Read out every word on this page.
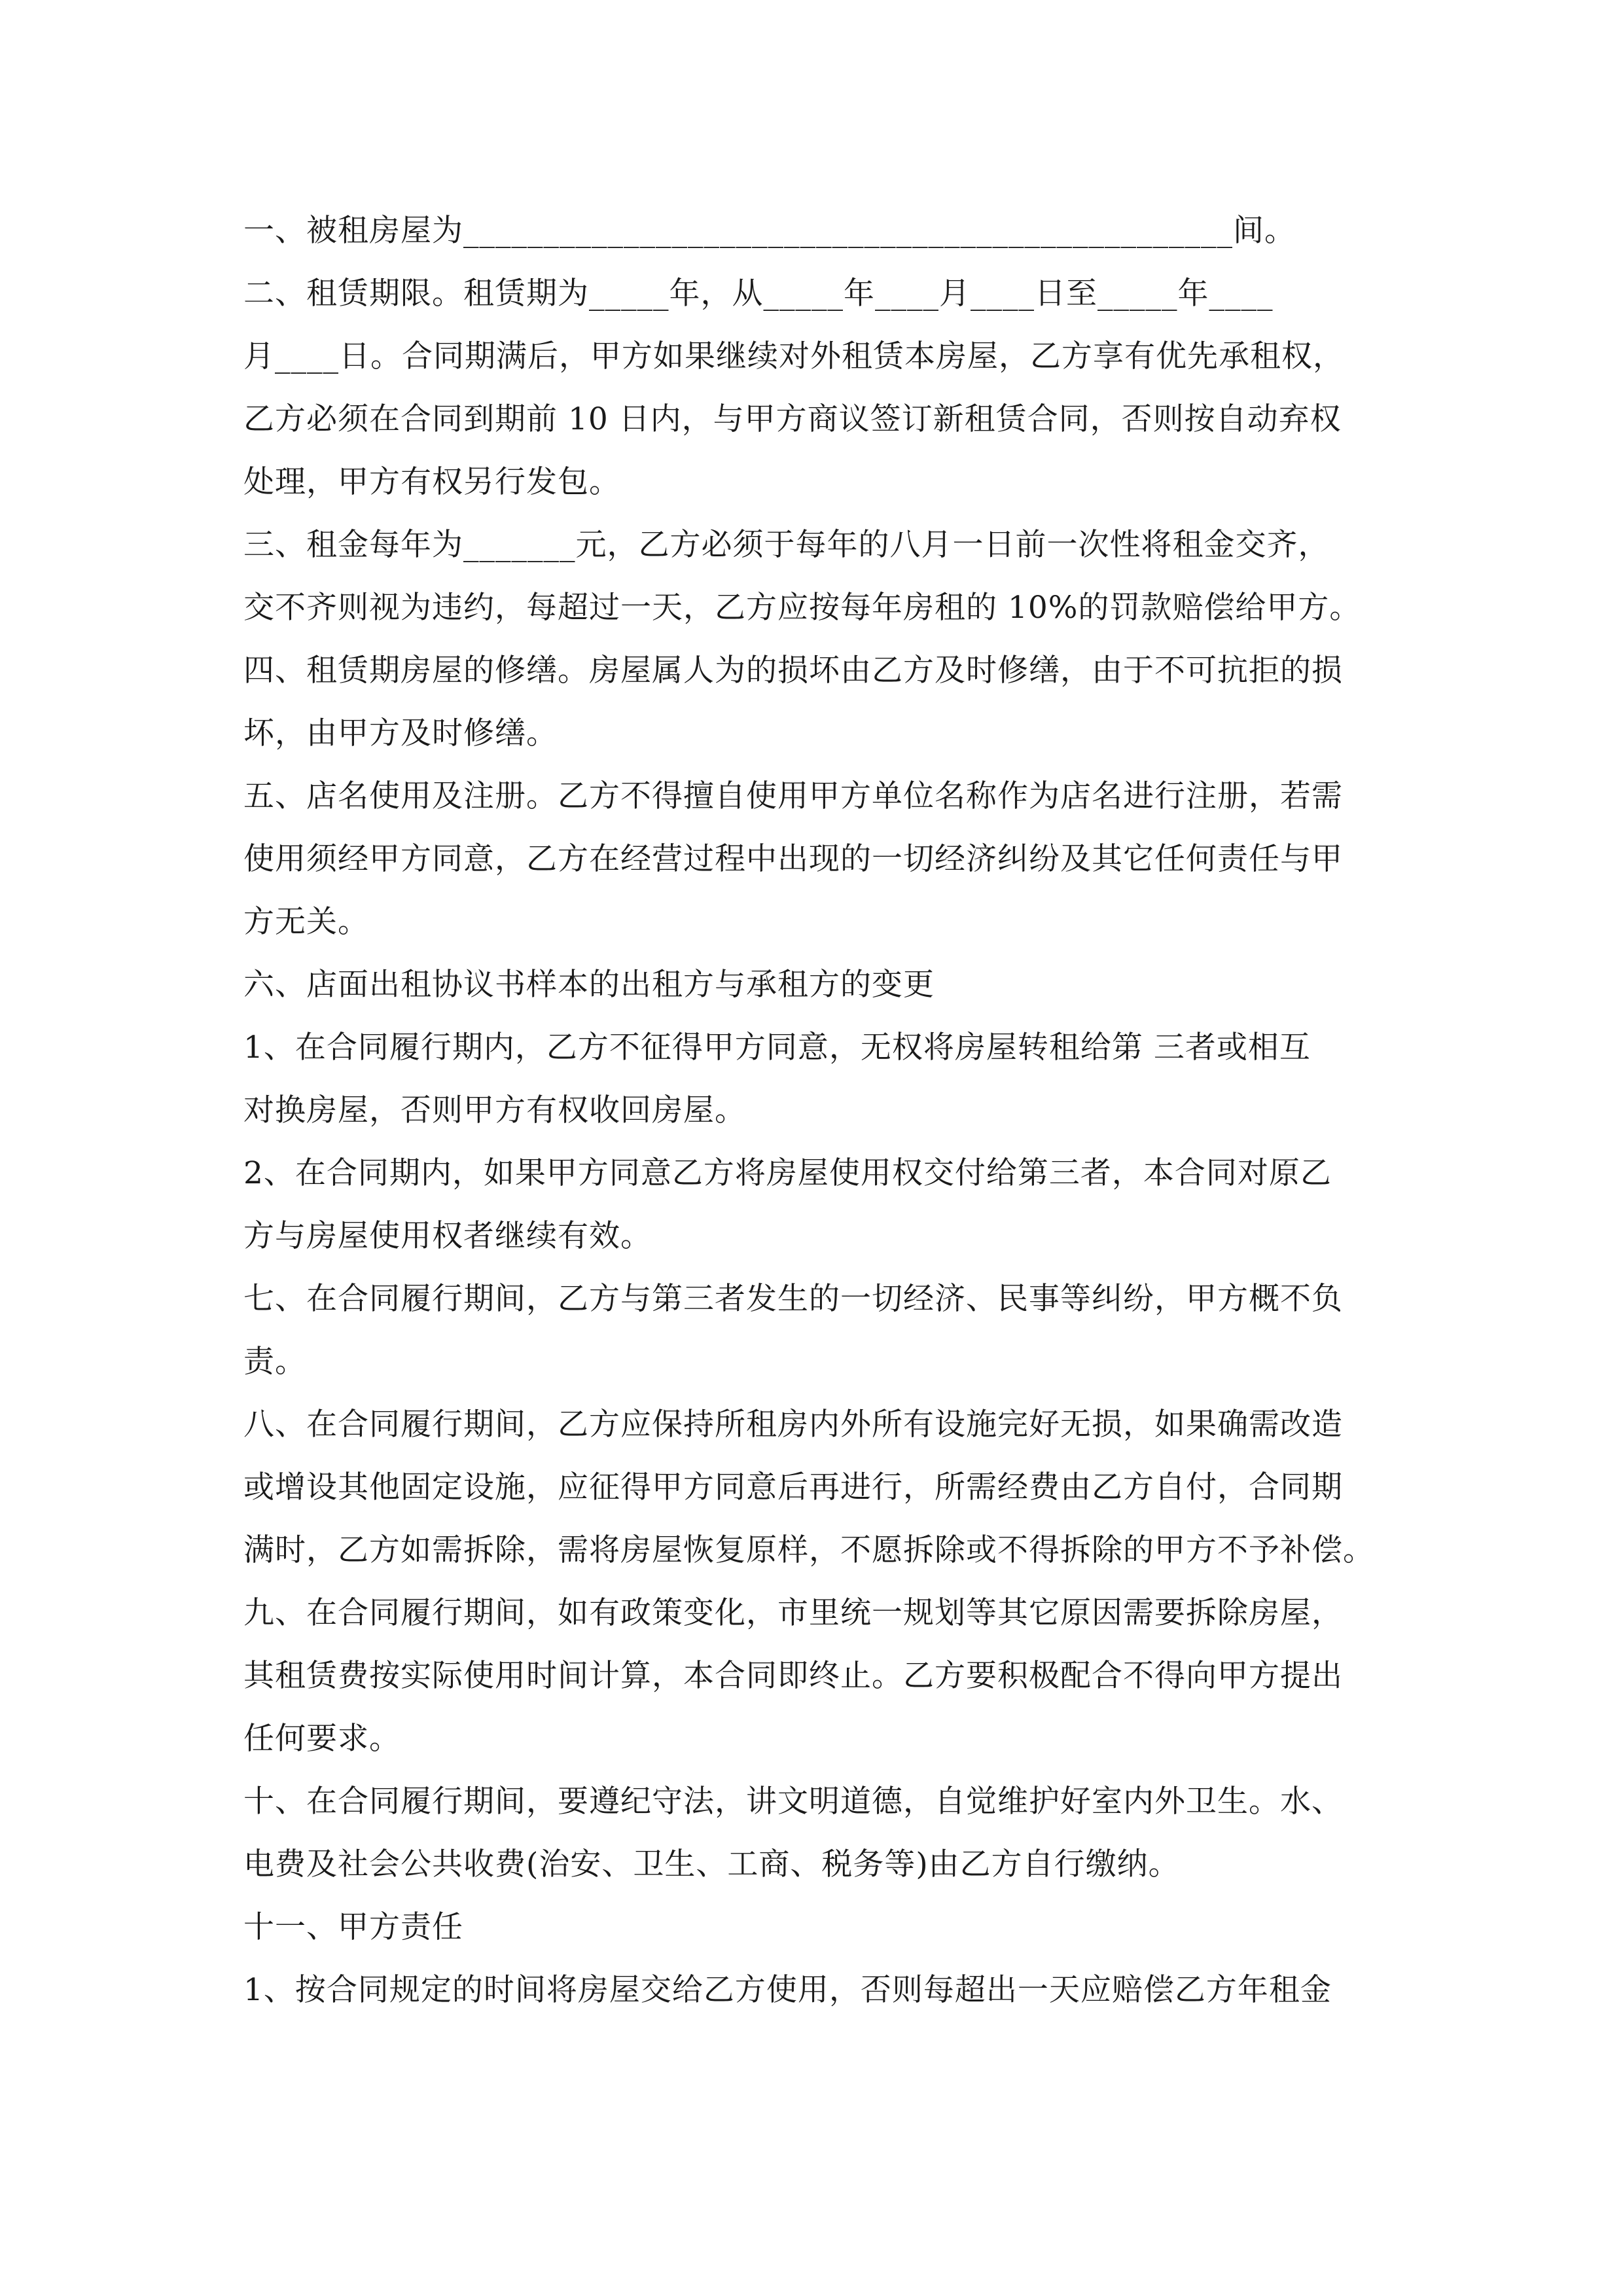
一、被租房屋为________________________________________________间。
二、租赁期限。租赁期为_____年，从_____年____月____日至_____年____
月____日。合同期满后，甲方如果继续对外租赁本房屋，乙方享有优先承租权，
乙方必须在合同到期前 10 日内，与甲方商议签订新租赁合同，否则按自动弃权
处理，甲方有权另行发包。
三、租金每年为_______元，乙方必须于每年的八月一日前一次性将租金交齐，
交不齐则视为违约，每超过一天，乙方应按每年房租的 10%的罚款赔偿给甲方。
四、租赁期房屋的修缮。房屋属人为的损坏由乙方及时修缮，由于不可抗拒的损
坏，由甲方及时修缮。
五、店名使用及注册。乙方不得擅自使用甲方单位名称作为店名进行注册，若需
使用须经甲方同意，乙方在经营过程中出现的一切经济纠纷及其它任何责任与甲
方无关。
六、店面出租协议书样本的出租方与承租方的变更
1、在合同履行期内，乙方不征得甲方同意，无权将房屋转租给第 三者或相互
对换房屋，否则甲方有权收回房屋。
2、在合同期内，如果甲方同意乙方将房屋使用权交付给第三者，本合同对原乙
方与房屋使用权者继续有效。
七、在合同履行期间，乙方与第三者发生的一切经济、民事等纠纷，甲方概不负
责。
八、在合同履行期间，乙方应保持所租房内外所有设施完好无损，如果确需改造
或增设其他固定设施，应征得甲方同意后再进行，所需经费由乙方自付，合同期
满时，乙方如需拆除，需将房屋恢复原样，不愿拆除或不得拆除的甲方不予补偿。
九、在合同履行期间，如有政策变化，市里统一规划等其它原因需要拆除房屋，
其租赁费按实际使用时间计算，本合同即终止。乙方要积极配合不得向甲方提出
任何要求。
十、在合同履行期间，要遵纪守法，讲文明道德，自觉维护好室内外卫生。水、
电费及社会公共收费(治安、卫生、工商、税务等)由乙方自行缴纳。
十一、甲方责任
1、按合同规定的时间将房屋交给乙方使用，否则每超出一天应赔偿乙方年租金
